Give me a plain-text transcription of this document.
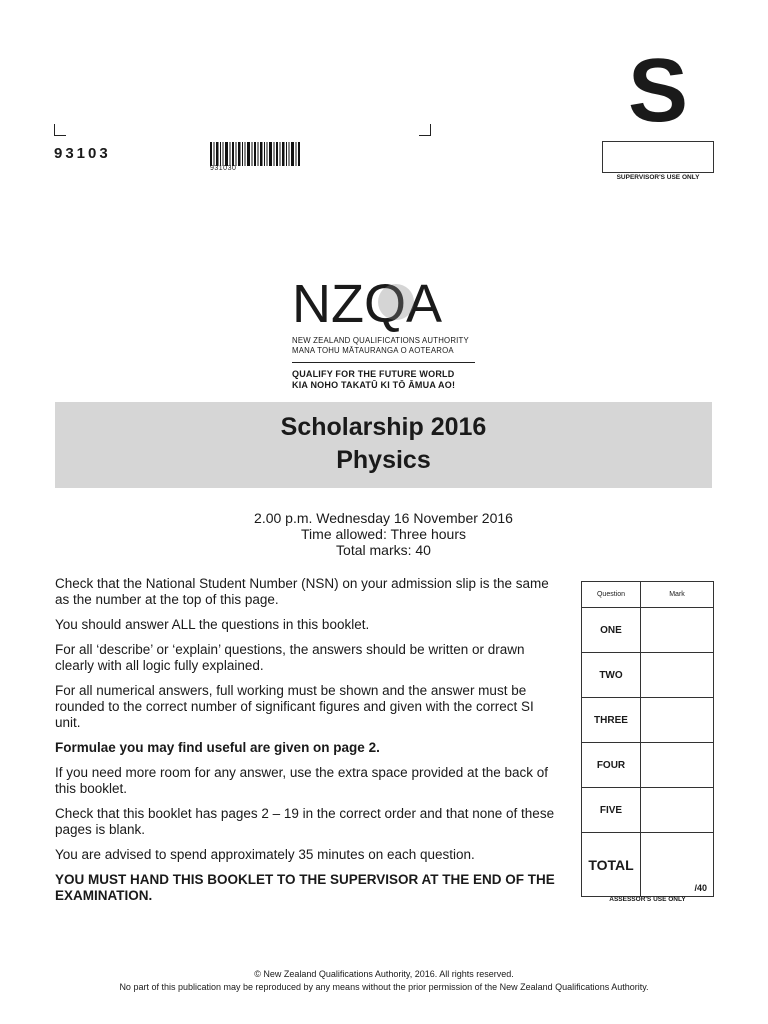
93103
931030
S
SUPERVISOR'S USE ONLY
NZQA
NEW ZEALAND QUALIFICATIONS AUTHORITY
MANA TOHU MĀTAURANGA O AOTEAROA
QUALIFY FOR THE FUTURE WORLD
KIA NOHO TAKATŪ KI TŌ ĀMUA AO!
Scholarship 2016
Physics
2.00 p.m. Wednesday 16 November 2016
Time allowed: Three hours
Total marks: 40

Check that the National Student Number (NSN) on your admission slip is the same as the number at the top of this page.

You should answer ALL the questions in this booklet.

For all ‘describe’ or ‘explain’ questions, the answers should be written or drawn clearly with all logic fully explained.

For all numerical answers, full working must be shown and the answer must be rounded to the correct number of significant figures and given with the correct SI unit.

Formulae you may find useful are given on page 2.

If you need more room for any answer, use the extra space provided at the back of this booklet.

Check that this booklet has pages 2 – 19 in the correct order and that none of these pages is blank.

You are advised to spend approximately 35 minutes on each question.

YOU MUST HAND THIS BOOKLET TO THE SUPERVISOR AT THE END OF THE EXAMINATION.

Question	Mark
ONE	
TWO	
THREE	
FOUR	
FIVE	
TOTAL	/40
ASSESSOR'S USE ONLY
© New Zealand Qualifications Authority, 2016. All rights reserved.
No part of this publication may be reproduced by any means without the prior permission of the New Zealand Qualifications Authority.
